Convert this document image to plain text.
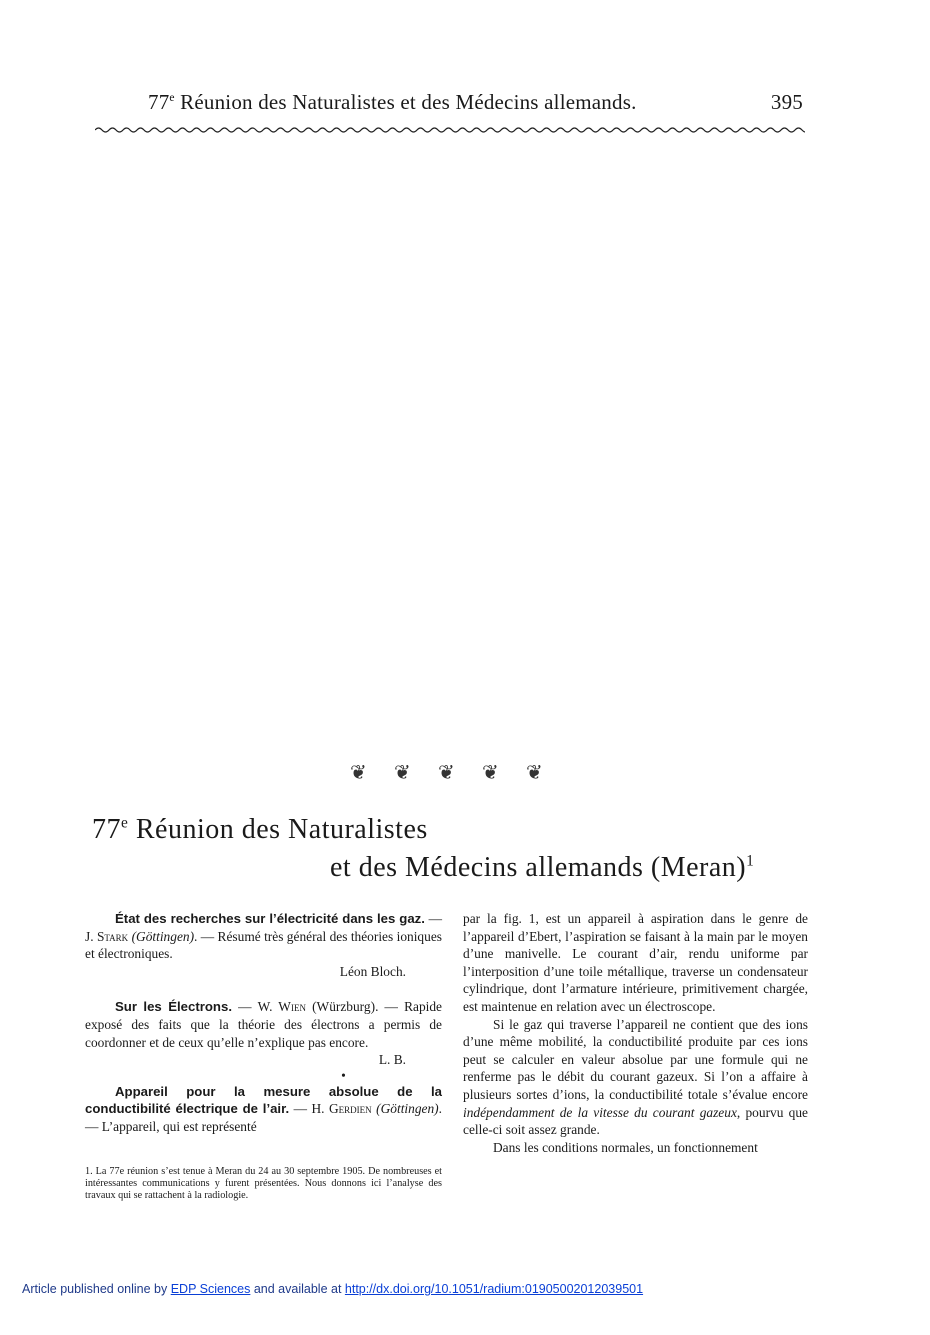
77e Réunion des Naturalistes et des Médecins allemands.	395
❦ ❦ ❦ ❦ ❦
77e Réunion des Naturalistes
et des Médecins allemands (Meran)$^1$

État des recherches sur l’électricité dans les gaz. — J. Stark (Göttingen). — Résumé très général des théories ioniques et électroniques.

Léon Bloch.

Sur les Électrons. — W. Wien (Würzburg). — Rapide exposé des faits que la théorie des électrons a permis de coordonner et de ceux qu’elle n’explique pas encore.

L. B.

•

Appareil pour la mesure absolue de la conductibilité électrique de l’air. — H. Gerdien (Göttingen). — L’appareil, qui est représenté

1. La 77e réunion s’est tenue à Meran du 24 au 30 septembre 1905. De nombreuses et intéressantes communications y furent présentées. Nous donnons ici l’analyse des travaux qui se rattachent à la radiologie.

par la fig. 1, est un appareil à aspiration dans le genre de l’appareil d’Ebert, l’aspiration se faisant à la main par le moyen d’une manivelle. Le courant d’air, rendu uniforme par l’interposition d’une toile métallique, traverse un condensateur cylindrique, dont l’armature intérieure, primitivement chargée, est maintenue en relation avec un électroscope.

Si le gaz qui traverse l’appareil ne contient que des ions d’une même mobilité, la conductibilité produite par ces ions peut se calculer en valeur absolue par une formule qui ne renferme pas le débit du courant gazeux. Si l’on a affaire à plusieurs sortes d’ions, la conductibilité totale s’évalue encore indépendamment de la vitesse du courant gazeux, pourvu que celle-ci soit assez grande.

Dans les conditions normales, un fonctionnement

Article published online by EDP Sciences and available at http://dx.doi.org/10.1051/radium:01905002012039501
